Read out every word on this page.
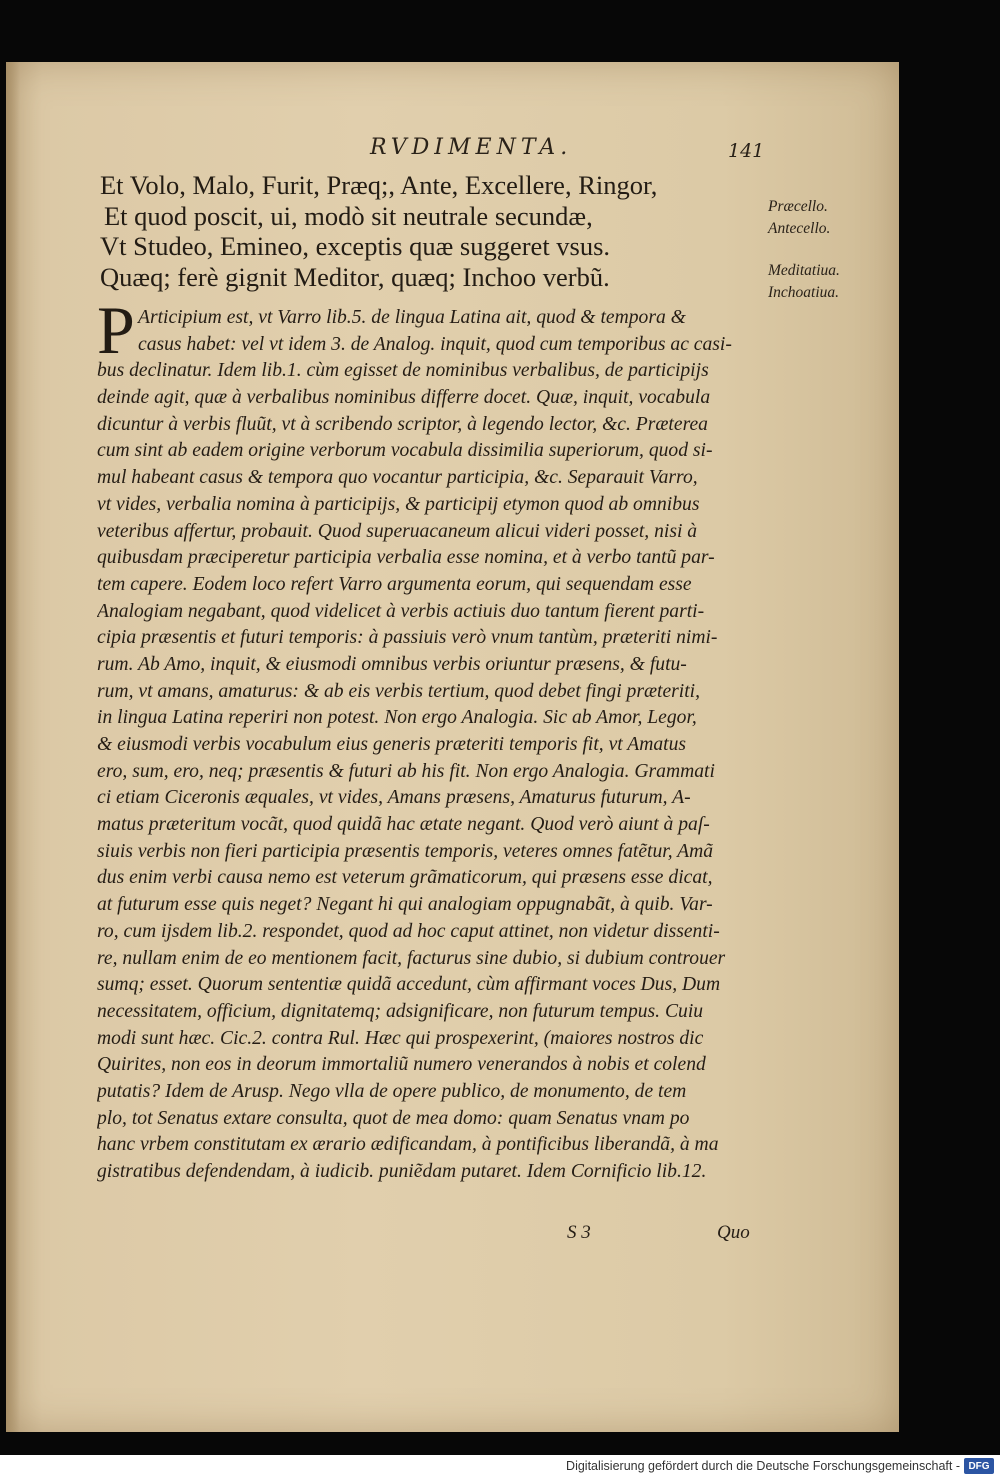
RVDIMENTA.	141
Et Volo, Malo, Furit, Præq;, Ante, Excellere, Ringor,
Et quod poscit, ui, modò sit neutrale secundæ,
Vt Studeo, Emineo, exceptis quæ suggeret vsus.
Quæq; ferè gignit Meditor, quæq; Inchoo verbũ.
Præcello.
Antecello.
Meditatiua.
Inchoatiua.
P Articipium est, vt Varro lib.5. de lingua Latina ait, quod & tempora &
casus habet: vel vt idem 3. de Analog. inquit, quod cum temporibus ac casi-
bus declinatur. Idem lib.1. cùm egisset de nominibus verbalibus, de participijs
deinde agit, quæ à verbalibus nominibus differre docet. Quæ, inquit, vocabula
dicuntur à verbis fluũt, vt à scribendo scriptor, à legendo lector, &c. Præterea
cum sint ab eadem origine verborum vocabula dissimilia superiorum, quod si-
mul habeant casus & tempora quo vocantur participia, &c. Separauit Varro,
vt vides, verbalia nomina à participijs, & participij etymon quod ab omnibus
veteribus affertur, probauit. Quod superuacaneum alicui videri posset, nisi à
quibusdam præciperetur participia verbalia esse nomina, et à verbo tantũ par-
tem capere. Eodem loco refert Varro argumenta eorum, qui sequendam esse
Analogiam negabant, quod videlicet à verbis actiuis duo tantum fierent parti-
cipia præsentis et futuri temporis: à passiuis verò vnum tantùm, præteriti nimi-
rum. Ab Amo, inquit, & eiusmodi omnibus verbis oriuntur præsens, & futu-
rum, vt amans, amaturus: & ab eis verbis tertium, quod debet fingi præteriti,
in lingua Latina reperiri non potest. Non ergo Analogia. Sic ab Amor, Legor,
& eiusmodi verbis vocabulum eius generis præteriti temporis fit, vt Amatus
ero, sum, ero, neq; præsentis & futuri ab his fit. Non ergo Analogia. Grammati
ci etiam Ciceronis æquales, vt vides, Amans præsens, Amaturus futurum, A-
matus præteritum vocãt, quod quidã hac ætate negant. Quod verò aiunt à paſ-
siuis verbis non fieri participia præsentis temporis, veteres omnes fatẽtur, Amã
dus enim verbi causa nemo est veterum grãmaticorum, qui præsens esse dicat,
at futurum esse quis neget? Negant hi qui analogiam oppugnabãt, à quib. Var-
ro, cum ijsdem lib.2. respondet, quod ad hoc caput attinet, non videtur dissenti-
re, nullam enim de eo mentionem facit, facturus sine dubio, si dubium controuer
sumq; esset. Quorum sententiæ quidã accedunt, cùm affirmant voces Dus, Dum
necessitatem, officium, dignitatemq; adsignificare, non futurum tempus. Cuiu
modi sunt hæc. Cic.2. contra Rul. Hæc qui prospexerint, (maiores nostros dic
Quirites, non eos in deorum immortaliũ numero venerandos à nobis et colend
putatis? Idem de Arusp. Nego vlla de opere publico, de monumento, de tem
plo, tot Senatus extare consulta, quot de mea domo: quam Senatus vnam po
hanc vrbem constitutam ex ærario ædificandam, à pontificibus liberandã, à ma
gistratibus defendendam, à iudicib. puniẽdam putaret. Idem Cornificio lib.12.
S 3	Quo
Digitalisierung gefördert durch die Deutsche Forschungsgemeinschaft - DFG
